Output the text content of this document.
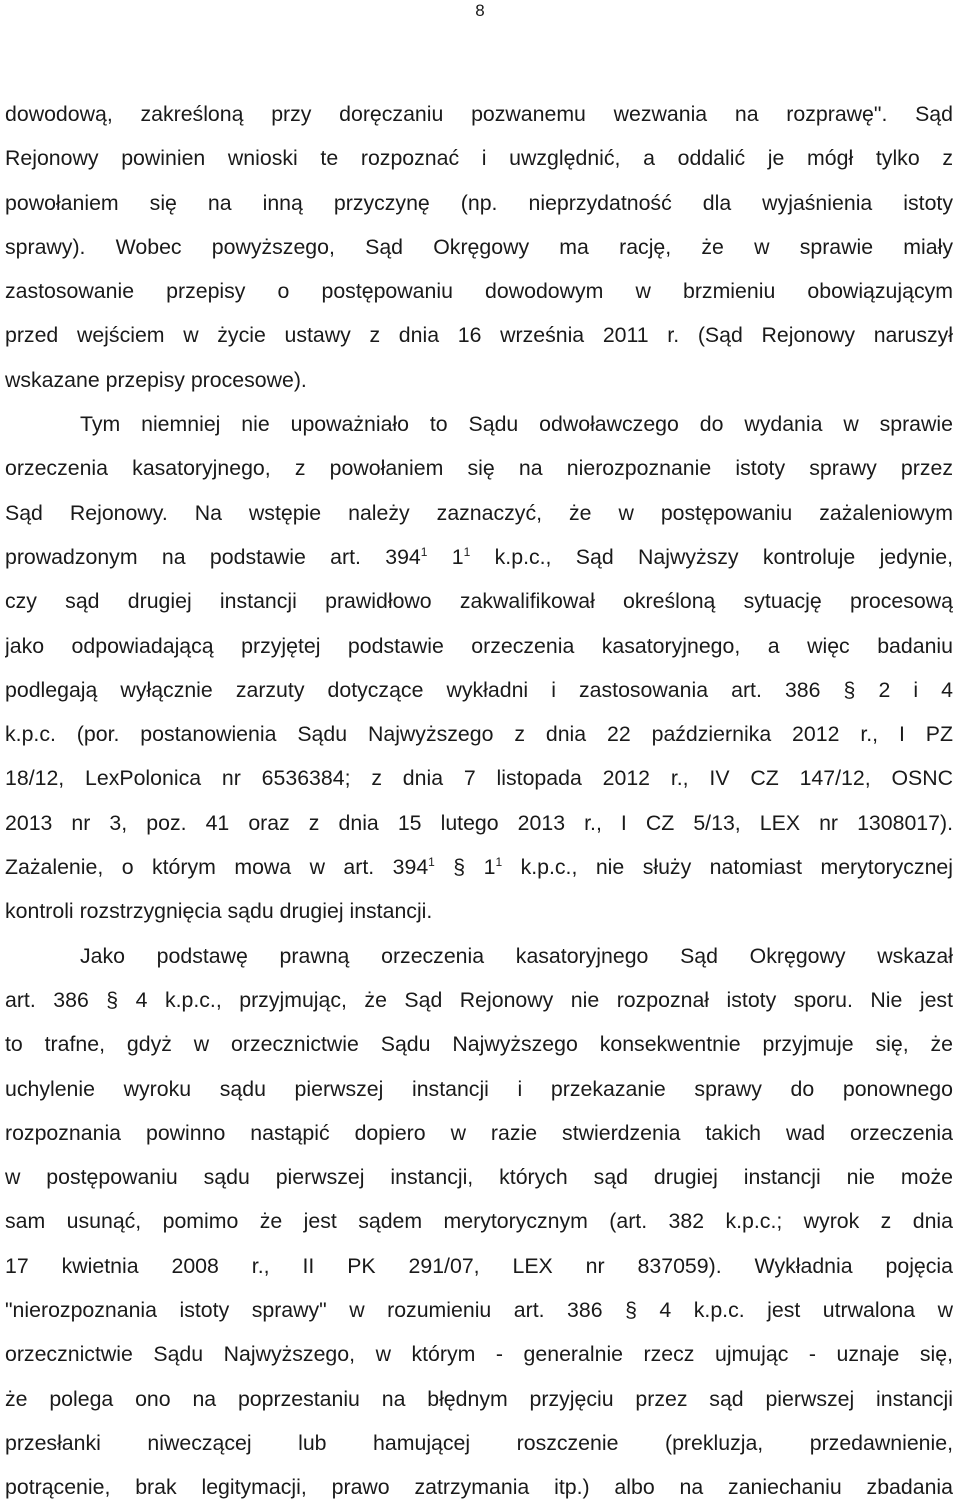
8
dowodową, zakreśloną przy doręczaniu pozwanemu wezwania na rozprawę". Sąd
Rejonowy powinien wnioski te rozpoznać i uwzględnić, a oddalić je mógł tylko z
powołaniem się na inną przyczynę (np. nieprzydatność dla wyjaśnienia istoty
sprawy). Wobec powyższego, Sąd Okręgowy ma rację, że w sprawie miały
zastosowanie przepisy o postępowaniu dowodowym w brzmieniu obowiązującym
przed wejściem w życie ustawy z dnia 16 września 2011 r. (Sąd Rejonowy naruszył
wskazane przepisy procesowe).
Tym niemniej nie upoważniało to Sądu odwoławczego do wydania w sprawie
orzeczenia kasatoryjnego, z powołaniem się na nierozpoznanie istoty sprawy przez
Sąd Rejonowy. Na wstępie należy zaznaczyć, że w postępowaniu zażaleniowym
prowadzonym na podstawie art. $394^1$ $1^1$ k.p.c., Sąd Najwyższy kontroluje jedynie,
czy sąd drugiej instancji prawidłowo zakwalifikował określoną sytuację procesową
jako odpowiadającą przyjętej podstawie orzeczenia kasatoryjnego, a więc badaniu
podlegają wyłącznie zarzuty dotyczące wykładni i zastosowania art. 386 § 2 i 4
k.p.c. (por. postanowienia Sądu Najwyższego z dnia 22 października 2012 r., I PZ
18/12, LexPolonica nr 6536384; z dnia 7 listopada 2012 r., IV CZ 147/12, OSNC
2013 nr 3, poz. 41 oraz z dnia 15 lutego 2013 r., I CZ 5/13, LEX nr 1308017).
Zażalenie, o którym mowa w art. $394^1$ § $1^1$ k.p.c., nie służy natomiast merytorycznej
kontroli rozstrzygnięcia sądu drugiej instancji.
Jako podstawę prawną orzeczenia kasatoryjnego Sąd Okręgowy wskazał
art. 386 § 4 k.p.c., przyjmując, że Sąd Rejonowy nie rozpoznał istoty sporu. Nie jest
to trafne, gdyż w orzecznictwie Sądu Najwyższego konsekwentnie przyjmuje się, że
uchylenie wyroku sądu pierwszej instancji i przekazanie sprawy do ponownego
rozpoznania powinno nastąpić dopiero w razie stwierdzenia takich wad orzeczenia
w postępowaniu sądu pierwszej instancji, których sąd drugiej instancji nie może
sam usunąć, pomimo że jest sądem merytorycznym (art. 382 k.p.c.; wyrok z dnia
17 kwietnia 2008 r., II PK 291/07, LEX nr 837059). Wykładnia pojęcia
"nierozpoznania istoty sprawy" w rozumieniu art. 386 § 4 k.p.c. jest utrwalona w
orzecznictwie Sądu Najwyższego, w którym - generalnie rzecz ujmując - uznaje się,
że polega ono na poprzestaniu na błędnym przyjęciu przez sąd pierwszej instancji
przesłanki niweczącej lub hamującej roszczenie (prekluzja, przedawnienie,
potrącenie, brak legitymacji, prawo zatrzymania itp.) albo na zaniechaniu zbadania
